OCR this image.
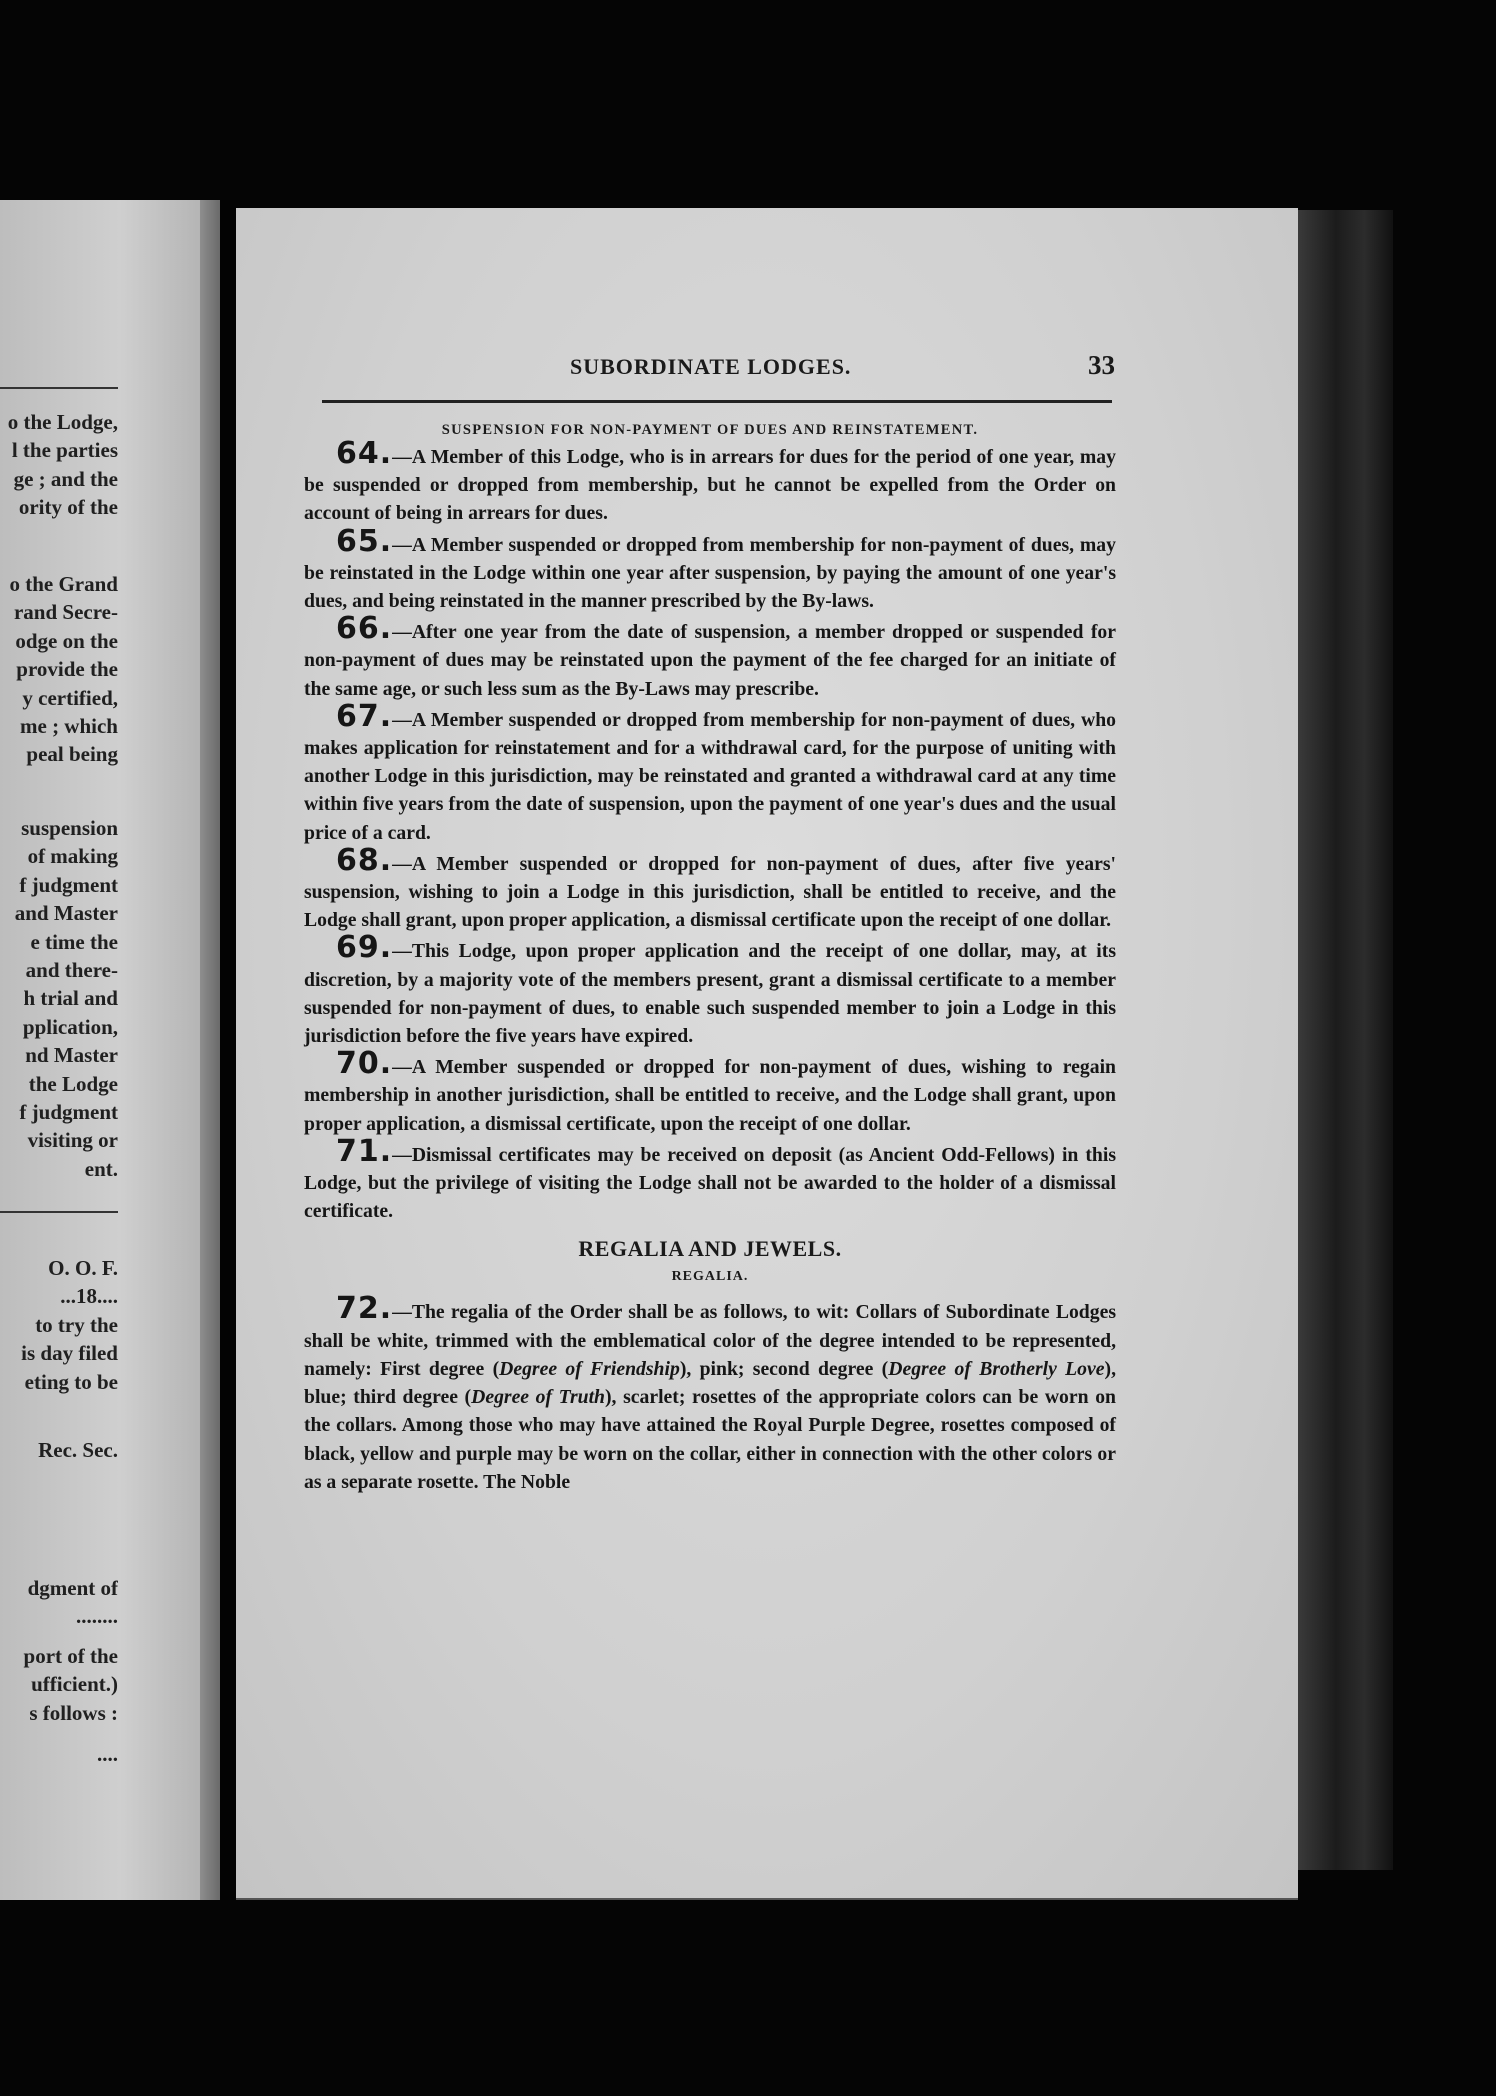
o the Lodge,
l the parties
ge ; and the
ority of the
o the Grand
rand Secre-
odge on the
provide the
y certified,
me ; which
peal being
suspension
of making
f judgment
and Master
e time the
and there-
h trial and
pplication,
nd Master
the Lodge
f judgment
visiting or
ent.
O. O. F.
...18....
to try the
is day filed
eting to be
Rec. Sec.
dgment of
........
port of the
ufficient.)
s follows :
....
SUBORDINATE LODGES.	33

SUSPENSION FOR NON-PAYMENT OF DUES AND REINSTATEMENT.

64.—A Member of this Lodge, who is in arrears for dues for the period of one year, may be suspended or dropped from membership, but he cannot be expelled from the Order on account of being in arrears for dues.

65.—A Member suspended or dropped from membership for non-payment of dues, may be reinstated in the Lodge within one year after suspension, by paying the amount of one year's dues, and being reinstated in the manner prescribed by the By-laws.

66.—After one year from the date of suspension, a member dropped or suspended for non-payment of dues may be reinstated upon the payment of the fee charged for an initiate of the same age, or such less sum as the By-Laws may prescribe.

67.—A Member suspended or dropped from membership for non-payment of dues, who makes application for reinstatement and for a withdrawal card, for the purpose of uniting with another Lodge in this jurisdiction, may be reinstated and granted a withdrawal card at any time within five years from the date of suspension, upon the payment of one year's dues and the usual price of a card.

68.—A Member suspended or dropped for non-payment of dues, after five years' suspension, wishing to join a Lodge in this jurisdiction, shall be entitled to receive, and the Lodge shall grant, upon proper application, a dismissal certificate upon the receipt of one dollar.

69.—This Lodge, upon proper application and the receipt of one dollar, may, at its discretion, by a majority vote of the members present, grant a dismissal certificate to a member suspended for non-payment of dues, to enable such suspended member to join a Lodge in this jurisdiction before the five years have expired.

70.—A Member suspended or dropped for non-payment of dues, wishing to regain membership in another jurisdiction, shall be entitled to receive, and the Lodge shall grant, upon proper application, a dismissal certificate, upon the receipt of one dollar.

71.—Dismissal certificates may be received on deposit (as Ancient Odd-Fellows) in this Lodge, but the privilege of visiting the Lodge shall not be awarded to the holder of a dismissal certificate.

REGALIA AND JEWELS.

REGALIA.

72.—The regalia of the Order shall be as follows, to wit: Collars of Subordinate Lodges shall be white, trimmed with the emblematical color of the degree intended to be represented, namely: First degree (Degree of Friendship), pink; second degree (Degree of Brotherly Love), blue; third degree (Degree of Truth), scarlet; rosettes of the appropriate colors can be worn on the collars. Among those who may have attained the Royal Purple Degree, rosettes composed of black, yellow and purple may be worn on the collar, either in connection with the other colors or as a separate rosette. The Noble
